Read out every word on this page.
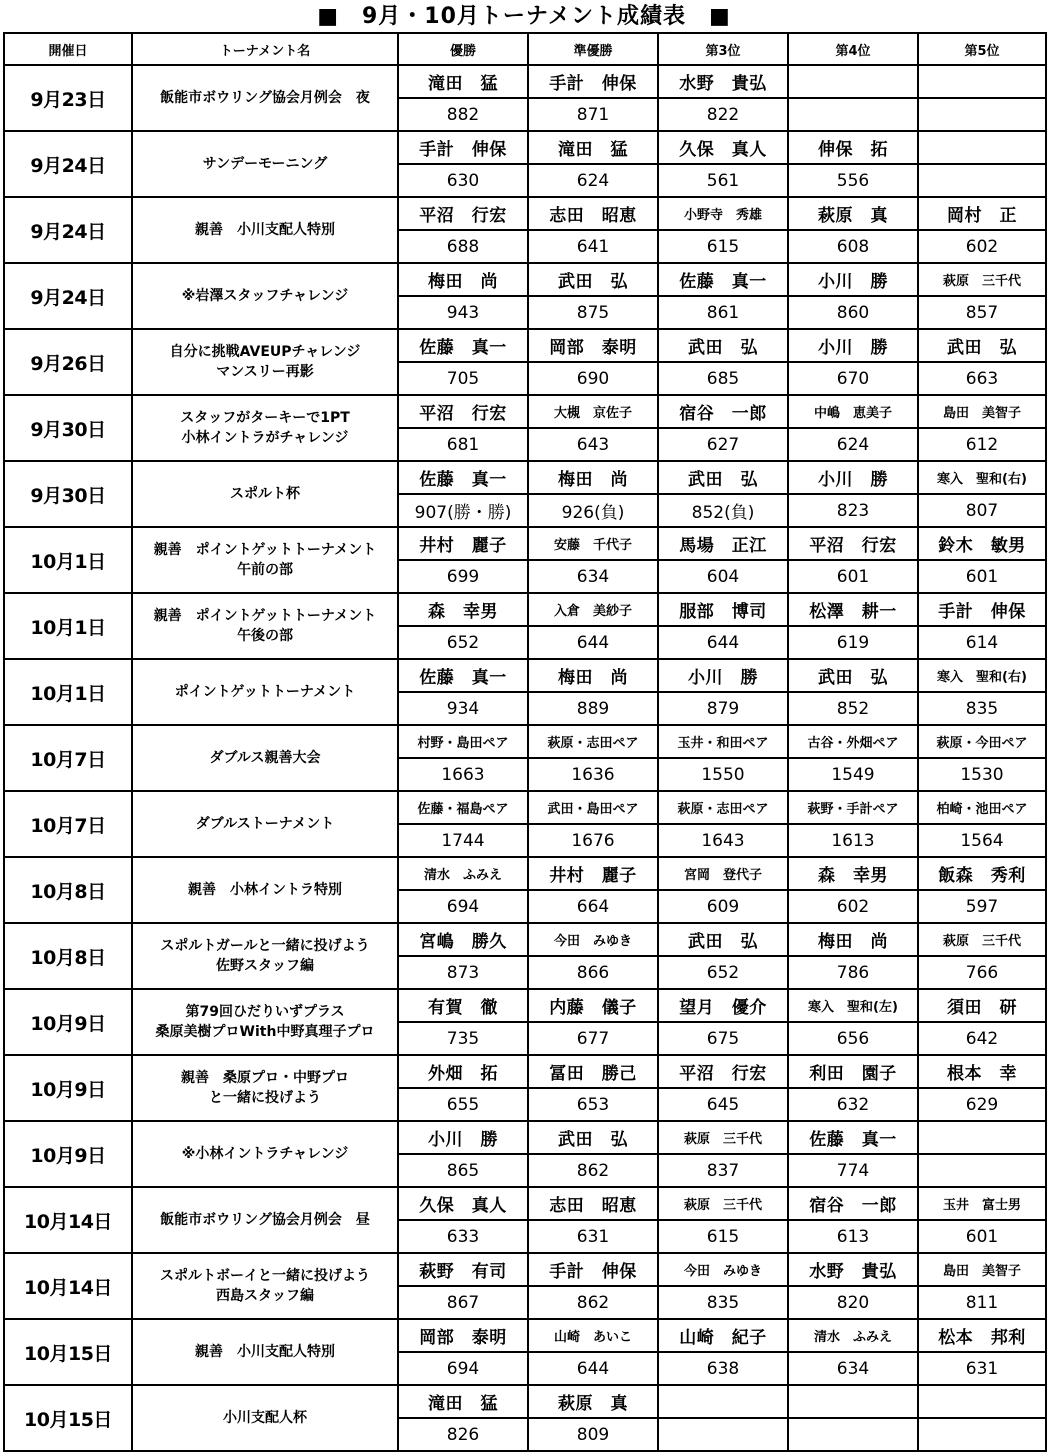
■　9月・10月トーナメント成績表　■
開催日	トーナメント名	優勝	準優勝	第3位	第4位	第5位
9月23日	飯能市ボウリング協会月例会　夜	滝田　猛	手計　伸保	水野　貴弘		
		882	871	822		
9月24日	サンデーモーニング	手計　伸保	滝田　猛	久保　真人	伸保　拓	
		630	624	561	556	
9月24日	親善　小川支配人特別	平沼　行宏	志田　昭恵	小野寺　秀雄	萩原　真	岡村　正
		688	641	615	608	602
9月24日	※岩澤スタッフチャレンジ	梅田　尚	武田　弘	佐藤　真一	小川　勝	萩原　三千代
		943	875	861	860	857
9月26日	自分に挑戦AVEUPチャレンジ
マンスリー再影	佐藤　真一	岡部　泰明	武田　弘	小川　勝	武田　弘
		705	690	685	670	663
9月30日	スタッフがターキーで1PT
小林イントラがチャレンジ	平沼　行宏	大槻　京佐子	宿谷　一郎	中嶋　恵美子	島田　美智子
		681	643	627	624	612
9月30日	スポルト杯	佐藤　真一	梅田　尚	武田　弘	小川　勝	寒入　聖和(右)
		907(勝・勝)	926(負)	852(負)	823	807
10月1日	親善　ポイントゲットトーナメント
午前の部	井村　麗子	安藤　千代子	馬場　正江	平沼　行宏	鈴木　敏男
		699	634	604	601	601
10月1日	親善　ポイントゲットトーナメント
午後の部	森　幸男	入倉　美紗子	服部　博司	松澤　耕一	手計　伸保
		652	644	644	619	614
10月1日	ポイントゲットトーナメント	佐藤　真一	梅田　尚	小川　勝	武田　弘	寒入　聖和(右)
		934	889	879	852	835
10月7日	ダブルス親善大会	村野・島田ペア	萩原・志田ペア	玉井・和田ペア	古谷・外畑ペア	萩原・今田ペア
		1663	1636	1550	1549	1530
10月7日	ダブルストーナメント	佐藤・福島ペア	武田・島田ペア	萩原・志田ペア	萩野・手計ペア	柏崎・池田ペア
		1744	1676	1643	1613	1564
10月8日	親善　小林イントラ特別	清水　ふみえ	井村　麗子	宮岡　登代子	森　幸男	飯森　秀利
		694	664	609	602	597
10月8日	スポルトガールと一緒に投げよう
佐野スタッフ編	宮嶋　勝久	今田　みゆき	武田　弘	梅田　尚	萩原　三千代
		873	866	652	786	766
10月9日	第79回ひだりいずプラス
桑原美樹プロWith中野真理子プロ	有賀　徹	内藤　儀子	望月　優介	寒入　聖和(左)	須田　研
		735	677	675	656	642
10月9日	親善　桑原プロ・中野プロ
と一緒に投げよう	外畑　拓	冨田　勝己	平沼　行宏	利田　園子	根本　幸
		655	653	645	632	629
10月9日	※小林イントラチャレンジ	小川　勝	武田　弘	萩原　三千代	佐藤　真一	
		865	862	837	774	
10月14日	飯能市ボウリング協会月例会　昼	久保　真人	志田　昭恵	萩原　三千代	宿谷　一郎	玉井　富士男
		633	631	615	613	601
10月14日	スポルトボーイと一緒に投げよう
西島スタッフ編	萩野　有司	手計　伸保	今田　みゆき	水野　貴弘	島田　美智子
		867	862	835	820	811
10月15日	親善　小川支配人特別	岡部　泰明	山崎　あいこ	山崎　紀子	清水　ふみえ	松本　邦利
		694	644	638	634	631
10月15日	小川支配人杯	滝田　猛	萩原　真			
		826	809			
